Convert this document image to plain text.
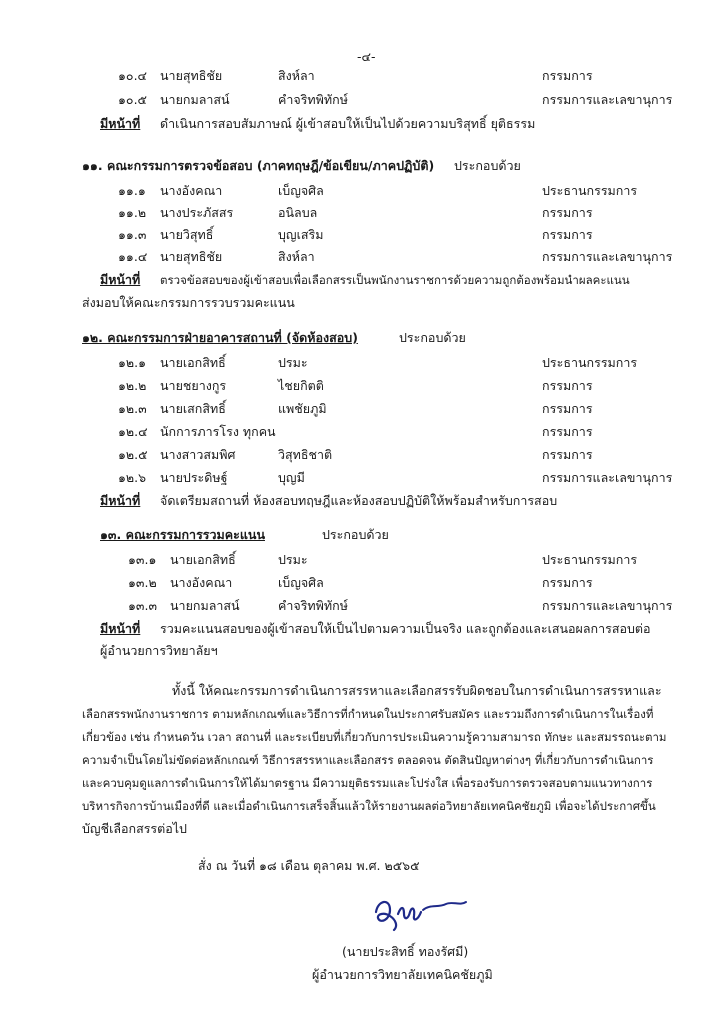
-๔-
๑๐.๔ นายสุทธิชัย	สิงห์ลา	กรรมการ
๑๐.๕ นายกมลาสน์	คำจริทพิทักษ์	กรรมการและเลขานุการ
มีหน้าที่ ดำเนินการสอบสัมภาษณ์ ผู้เข้าสอบให้เป็นไปด้วยความบริสุทธิ์ ยุติธรรม
๑๑. คณะกรรมการตรวจข้อสอบ (ภาคทฤษฎี/ข้อเขียน/ภาคปฏิบัติ) ประกอบด้วย
๑๑.๑ นางอังคณา	เบ็ญจศิล	ประธานกรรมการ
๑๑.๒ นางประภัสสร	อนิลบล	กรรมการ
๑๑.๓ นายวิสุทธิ์	บุญเสริม	กรรมการ
๑๑.๔ นายสุทธิชัย	สิงห์ลา	กรรมการและเลขานุการ
มีหน้าที่ ตรวจข้อสอบของผู้เข้าสอบเพื่อเลือกสรรเป็นพนักงานราชการด้วยความถูกต้องพร้อมนำผลคะแนน
ส่งมอบให้คณะกรรมการรวบรวมคะแนน
๑๒. คณะกรรมการฝ่ายอาคารสถานที่ (จัดห้องสอบ)	ประกอบด้วย
๑๒.๑ นายเอกสิทธิ์	ปรมะ	ประธานกรรมการ
๑๒.๒ นายชยางกูร	ไชยกิตติ	กรรมการ
๑๒.๓ นายเสกสิทธิ์	แพชัยภูมิ	กรรมการ
๑๒.๔ นักการภารโรง ทุกคน	กรรมการ
๑๒.๕ นางสาวสมพิศ	วิสุทธิชาติ	กรรมการ
๑๒.๖ นายประดิษฐ์	บุญมี	กรรมการและเลขานุการ
มีหน้าที่ จัดเตรียมสถานที่ ห้องสอบทฤษฎีและห้องสอบปฏิบัติให้พร้อมสำหรับการสอบ
๑๓. คณะกรรมการรวมคะแนน	ประกอบด้วย
๑๓.๑ นายเอกสิทธิ์	ปรมะ	ประธานกรรมการ
๑๓.๒ นางอังคณา	เบ็ญจศิล	กรรมการ
๑๓.๓ นายกมลาสน์	คำจริทพิทักษ์	กรรมการและเลขานุการ
มีหน้าที่ รวมคะแนนสอบของผู้เข้าสอบให้เป็นไปตามความเป็นจริง และถูกต้องและเสนอผลการสอบต่อ
ผู้อำนวยการวิทยาลัยฯ
ทั้งนี้ ให้คณะกรรมการดำเนินการสรรหาและเลือกสรรรับผิดชอบในการดำเนินการสรรหาและ
เลือกสรรพนักงานราชการ ตามหลักเกณฑ์และวิธีการที่กำหนดในประกาศรับสมัคร และรวมถึงการดำเนินการในเรื่องที่
เกี่ยวข้อง เช่น กำหนดวัน เวลา สถานที่ และระเบียบที่เกี่ยวกับการประเมินความรู้ความสามารถ ทักษะ และสมรรถนะตาม
ความจำเป็นโดยไม่ขัดต่อหลักเกณฑ์ วิธีการสรรหาและเลือกสรร ตลอดจน ตัดสินปัญหาต่างๆ ที่เกี่ยวกับการดำเนินการ
และควบคุมดูแลการดำเนินการให้ได้มาตรฐาน มีความยุติธรรมและโปร่งใส เพื่อรองรับการตรวจสอบตามแนวทางการ
บริหารกิจการบ้านเมืองที่ดี และเมื่อดำเนินการเสร็จสิ้นแล้วให้รายงานผลต่อวิทยาลัยเทคนิคชัยภูมิ เพื่อจะได้ประกาศขึ้น
บัญชีเลือกสรรต่อไป
สั่ง ณ วันที่ ๑๘ เดือน ตุลาคม พ.ศ. ๒๕๖๕
(นายประสิทธิ์ ทองรัศมี)
ผู้อำนวยการวิทยาลัยเทคนิคชัยภูมิ
